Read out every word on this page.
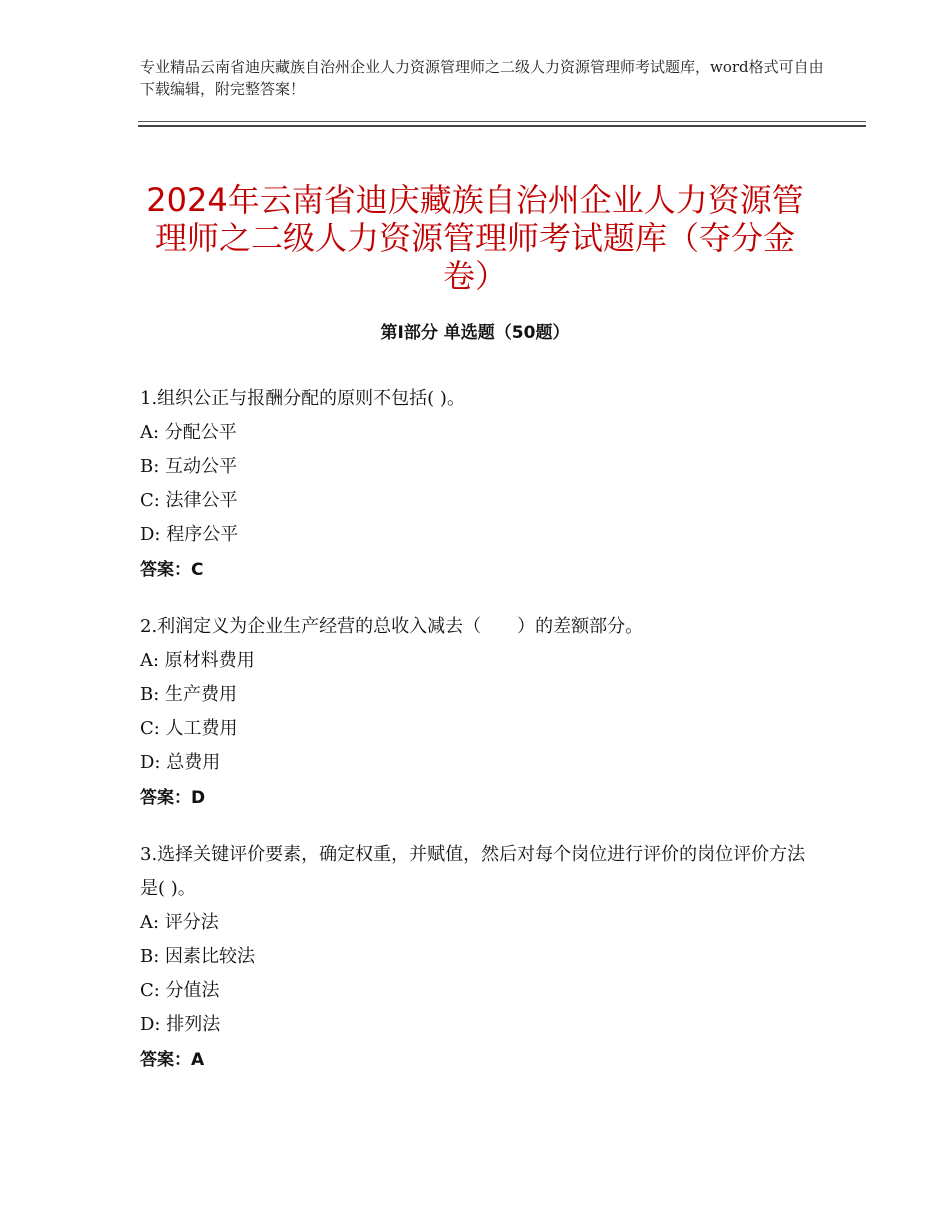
专业精品云南省迪庆藏族自治州企业人力资源管理师之二级人力资源管理师考试题库，word格式可自由下载编辑，附完整答案！
2024年云南省迪庆藏族自治州企业人力资源管理师之二级人力资源管理师考试题库（夺分金卷）
第Ⅰ部分 单选题（50题）

1.组织公正与报酬分配的原则不包括( )。

A: 分配公平

B: 互动公平

C: 法律公平

D: 程序公平

答案：C

2.利润定义为企业生产经营的总收入减去（　　）的差额部分。

A: 原材料费用

B: 生产费用

C: 人工费用

D: 总费用

答案：D

3.选择关键评价要素，确定权重，并赋值，然后对每个岗位进行评价的岗位评价方法是( )。

A: 评分法

B: 因素比较法

C: 分值法

D: 排列法

答案：A
